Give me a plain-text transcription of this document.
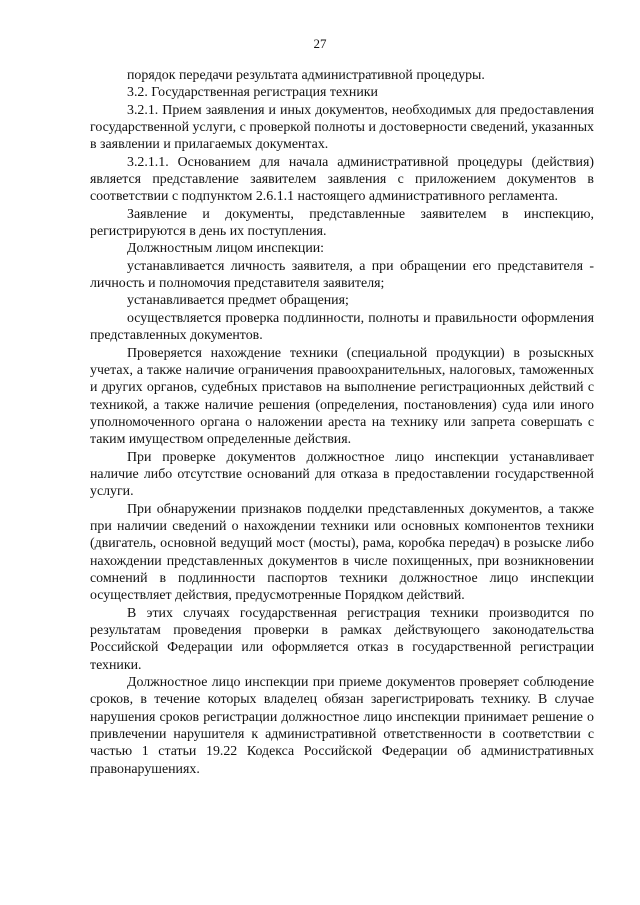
27

порядок передачи результата административной процедуры.

3.2. Государственная регистрация техники

3.2.1. Прием заявления и иных документов, необходимых для предоставления государственной услуги, с проверкой полноты и достоверности сведений, указанных в заявлении и прилагаемых документах.

3.2.1.1. Основанием для начала административной процедуры (действия) является представление заявителем заявления с приложением документов в соответствии с подпунктом 2.6.1.1 настоящего административного регламента.

Заявление и документы, представленные заявителем в инспекцию, регистрируются в день их поступления.

Должностным лицом инспекции:

устанавливается личность заявителя, а при обращении его представителя - личность и полномочия представителя заявителя;

устанавливается предмет обращения;

осуществляется проверка подлинности, полноты и правильности оформления представленных документов.

Проверяется нахождение техники (специальной продукции) в розыскных учетах, а также наличие ограничения правоохранительных, налоговых, таможенных и других органов, судебных приставов на выполнение регистрационных действий с техникой, а также наличие решения (определения, постановления) суда или иного уполномоченного органа о наложении ареста на технику или запрета совершать с таким имуществом определенные действия.

При проверке документов должностное лицо инспекции устанавливает наличие либо отсутствие оснований для отказа в предоставлении государственной услуги.

При обнаружении признаков подделки представленных документов, а также при наличии сведений о нахождении техники или основных компонентов техники (двигатель, основной ведущий мост (мосты), рама, коробка передач) в розыске либо нахождении представленных документов в числе похищенных, при возникновении сомнений в подлинности паспортов техники должностное лицо инспекции осуществляет действия, предусмотренные Порядком действий.

В этих случаях государственная регистрация техники производится по результатам проведения проверки в рамках действующего законодательства Российской Федерации или оформляется отказ в государственной регистрации техники.

Должностное лицо инспекции при приеме документов проверяет соблюдение сроков, в течение которых владелец обязан зарегистрировать технику. В случае нарушения сроков регистрации должностное лицо инспекции принимает решение о привлечении нарушителя к административной ответственности в соответствии с частью 1 статьи 19.22 Кодекса Российской Федерации об административных правонарушениях.
